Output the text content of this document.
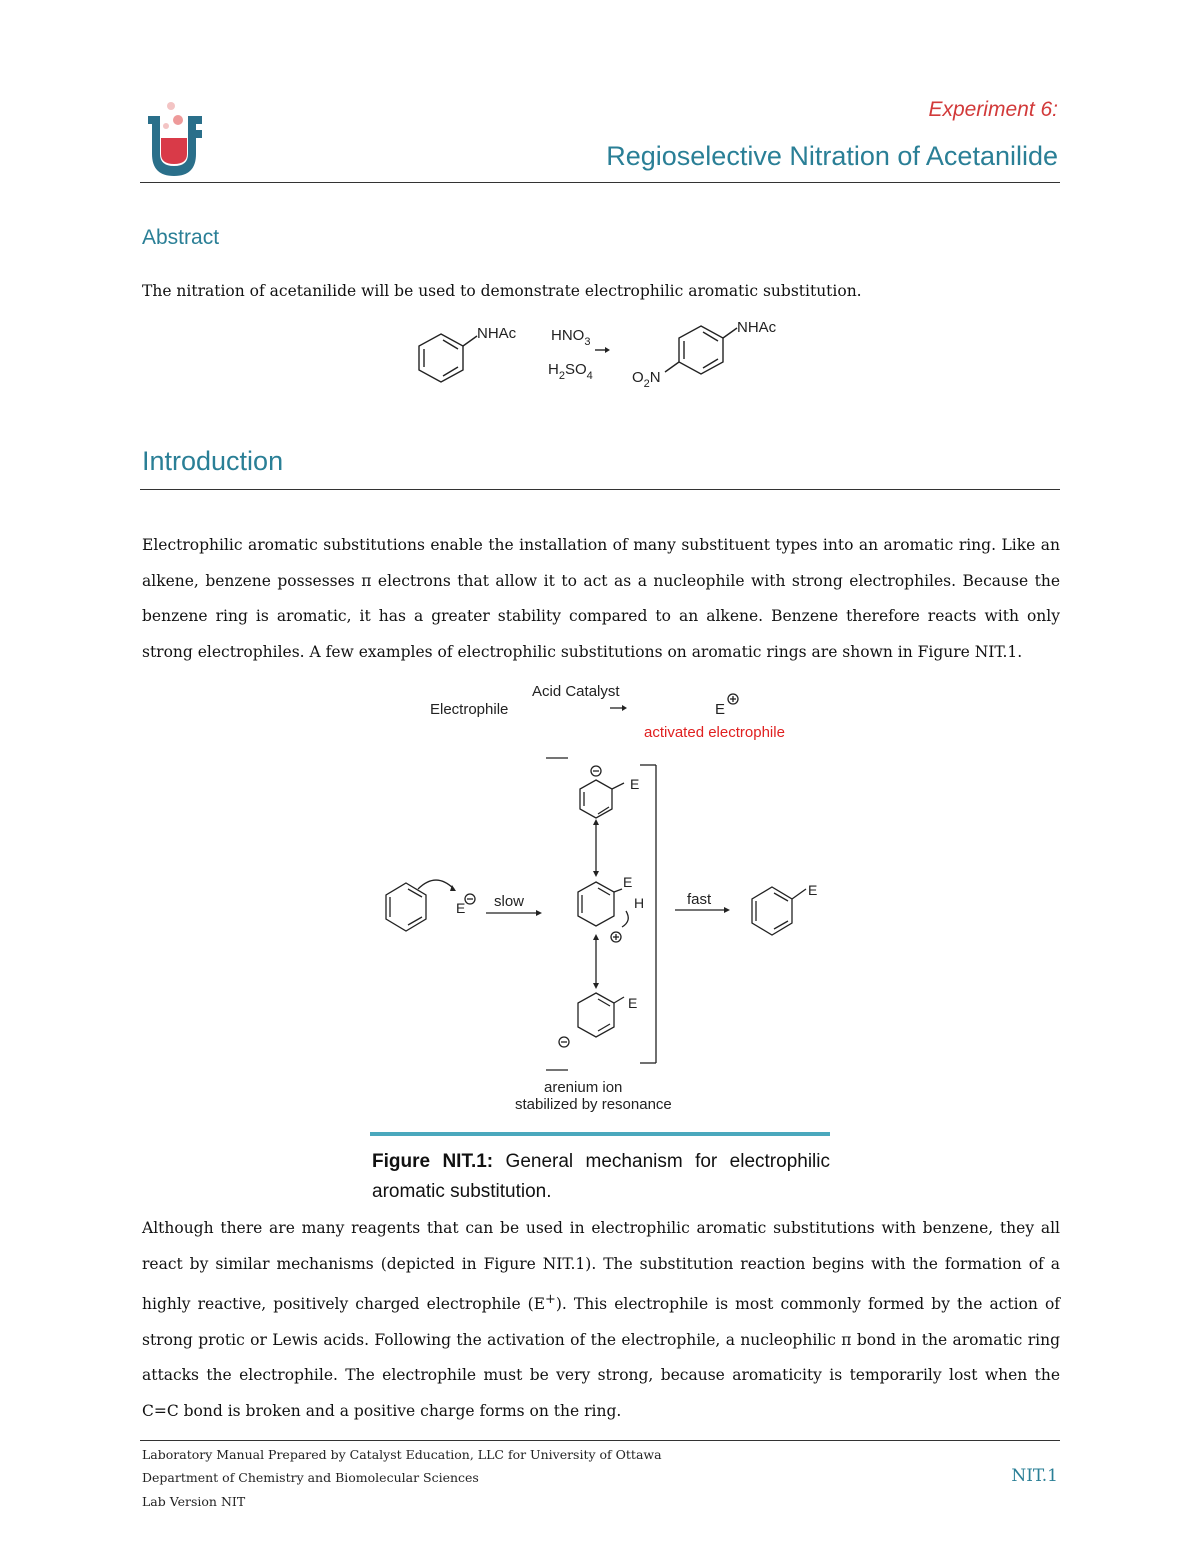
Experiment 6:
Regioselective Nitration of Acetanilide
Abstract

The nitration of acetanilide will be used to demonstrate electrophilic aromatic substitution.

NHAc $HNO_3$
$H_2SO_4$
NHAc
$O_2N$
Introduction

Electrophilic aromatic substitutions enable the installation of many substituent types into an aromatic ring. Like an alkene, benzene possesses π electrons that allow it to act as a nucleophile with strong electrophiles. Because the benzene ring is aromatic, it has a greater stability compared to an alkene. Benzene therefore reacts with only strong electrophiles. A few examples of electrophilic substitutions on aromatic rings are shown in Figure NIT.1.

Acid Catalyst
Electrophile	E
activated electrophile
slow	fast
arenium ion
stabilized by resonance
E
E
H
E
E
E
Figure NIT.1: General mechanism for electrophilic aromatic substitution.

Although there are many reagents that can be used in electrophilic aromatic substitutions with benzene, they all react by similar mechanisms (depicted in Figure NIT.1). The substitution reaction begins with the formation of a highly reactive, positively charged electrophile (E+). This electrophile is most commonly formed by the action of strong protic or Lewis acids. Following the activation of the electrophile, a nucleophilic π bond in the aromatic ring attacks the electrophile. The electrophile must be very strong, because aromaticity is temporarily lost when the C=C bond is broken and a positive charge forms on the ring.

Laboratory Manual Prepared by Catalyst Education, LLC for University of Ottawa
Department of Chemistry and Biomolecular Sciences
Lab Version NIT
NIT.1
